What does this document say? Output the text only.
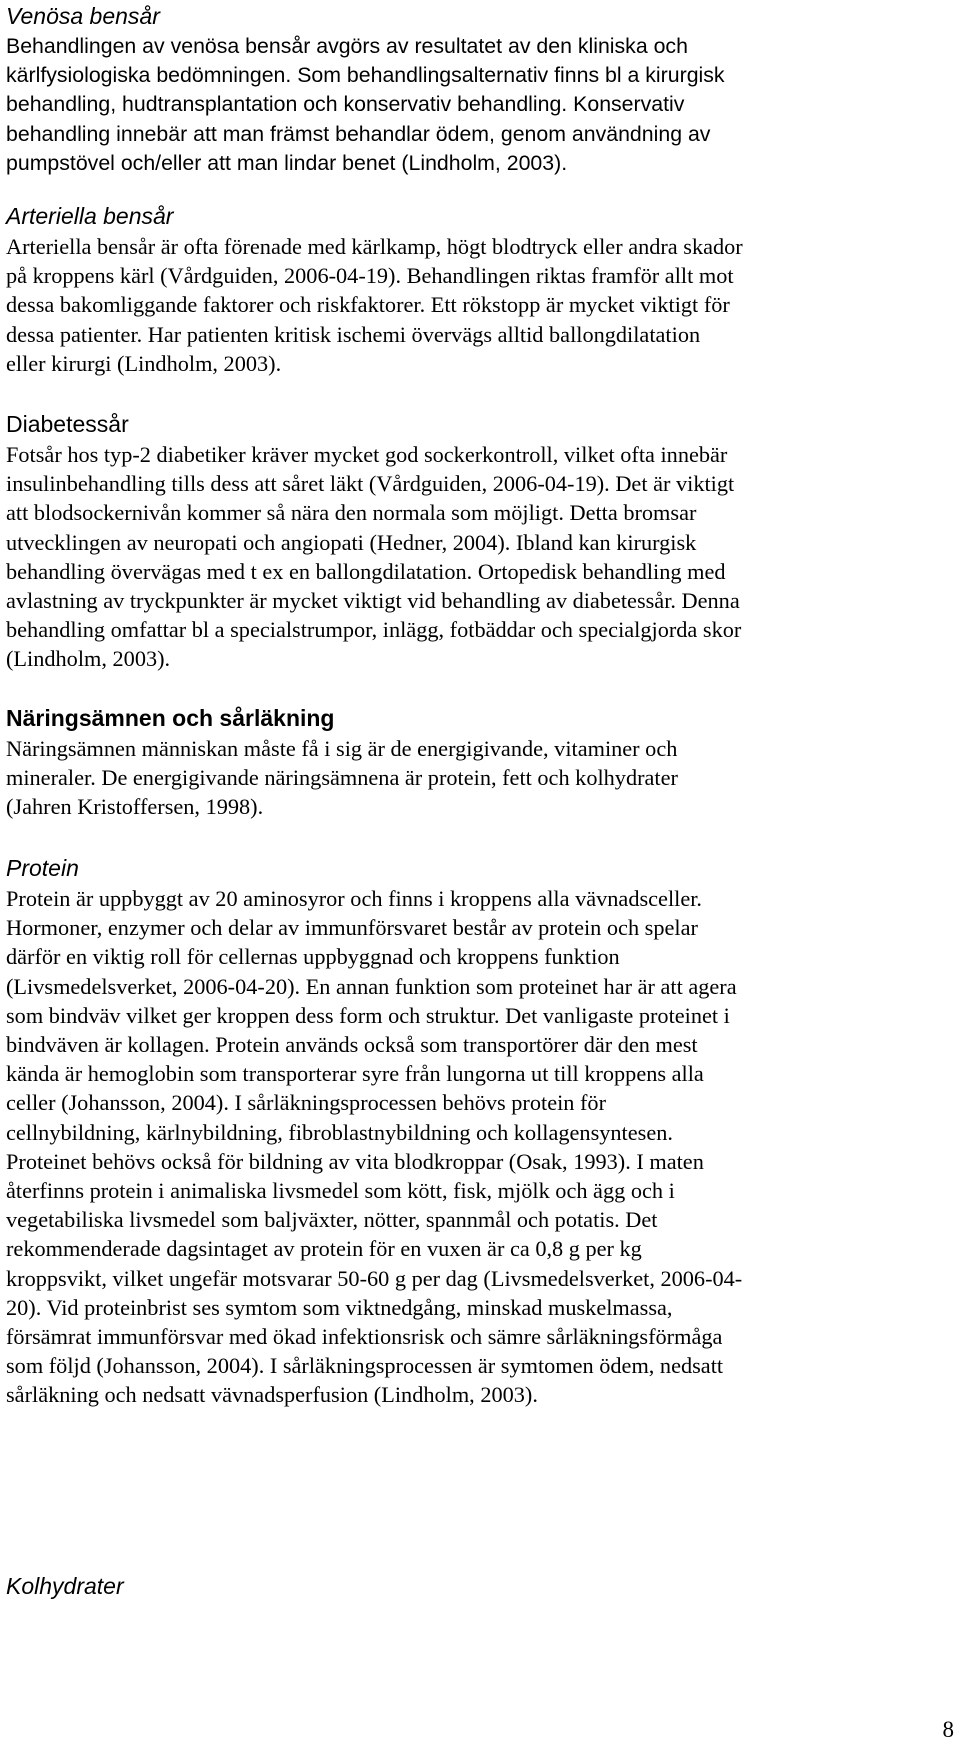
Venösa bensår

Behandlingen av venösa bensår avgörs av resultatet av den kliniska och
kärlfysiologiska bedömningen. Som behandlingsalternativ finns bl a kirurgisk
behandling, hudtransplantation och konservativ behandling. Konservativ
behandling innebär att man främst behandlar ödem, genom användning av
pumpstövel och/eller att man lindar benet (Lindholm, 2003).

Arteriella bensår

Arteriella bensår är ofta förenade med kärlkamp, högt blodtryck eller andra skador
på kroppens kärl (Vårdguiden, 2006-04-19). Behandlingen riktas framför allt mot
dessa bakomliggande faktorer och riskfaktorer. Ett rökstopp är mycket viktigt för
dessa patienter. Har patienten kritisk ischemi övervägs alltid ballongdilatation
eller kirurgi (Lindholm, 2003).

Diabetessår

Fotsår hos typ-2 diabetiker kräver mycket god sockerkontroll, vilket ofta innebär
insulinbehandling tills dess att såret läkt (Vårdguiden, 2006-04-19). Det är viktigt
att blodsockernivån kommer så nära den normala som möjligt. Detta bromsar
utvecklingen av neuropati och angiopati (Hedner, 2004). Ibland kan kirurgisk
behandling övervägas med t ex en ballongdilatation. Ortopedisk behandling med
avlastning av tryckpunkter är mycket viktigt vid behandling av diabetessår. Denna
behandling omfattar bl a specialstrumpor, inlägg, fotbäddar och specialgjorda skor
(Lindholm, 2003).

Näringsämnen och sårläkning

Näringsämnen människan måste få i sig är de energigivande, vitaminer och
mineraler. De energigivande näringsämnena är protein, fett och kolhydrater
(Jahren Kristoffersen, 1998).

Protein

Protein är uppbyggt av 20 aminosyror och finns i kroppens alla vävnadsceller.
Hormoner, enzymer och delar av immunförsvaret består av protein och spelar
därför en viktig roll för cellernas uppbyggnad och kroppens funktion
(Livsmedelsverket, 2006-04-20). En annan funktion som proteinet har är att agera
som bindväv vilket ger kroppen dess form och struktur. Det vanligaste proteinet i
bindväven är kollagen. Protein används också som transportörer där den mest
kända är hemoglobin som transporterar syre från lungorna ut till kroppens alla
celler (Johansson, 2004). I sårläkningsprocessen behövs protein för
cellnybildning, kärlnybildning, fibroblastnybildning och kollagensyntesen.
Proteinet behövs också för bildning av vita blodkroppar (Osak, 1993). I maten
återfinns protein i animaliska livsmedel som kött, fisk, mjölk och ägg och i
vegetabiliska livsmedel som baljväxter, nötter, spannmål och potatis. Det
rekommenderade dagsintaget av protein för en vuxen är ca 0,8 g per kg
kroppsvikt, vilket ungefär motsvarar 50-60 g per dag (Livsmedelsverket, 2006-04-
20). Vid proteinbrist ses symtom som viktnedgång, minskad muskelmassa,
försämrat immunförsvar med ökad infektionsrisk och sämre sårläkningsförmåga
som följd (Johansson, 2004). I sårläkningsprocessen är symtomen ödem, nedsatt
sårläkning och nedsatt vävnadsperfusion (Lindholm, 2003).

Kolhydrater
8
